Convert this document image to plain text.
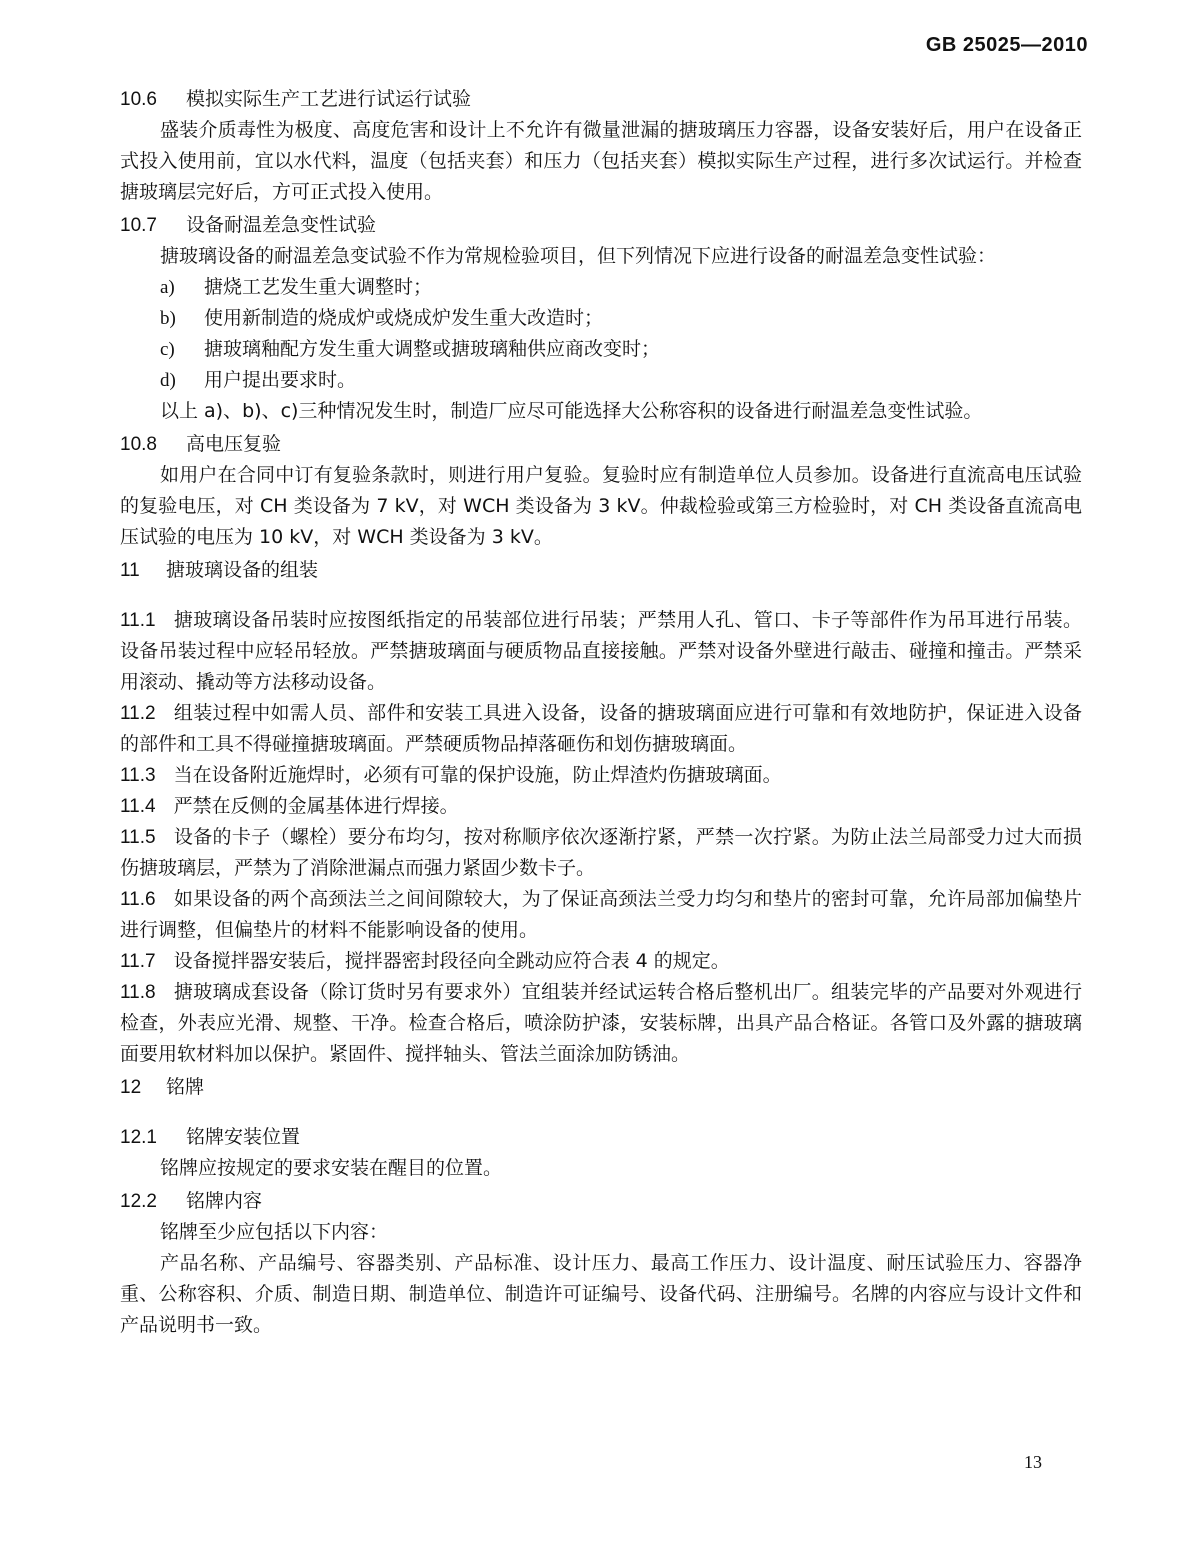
GB 25025—2010
10.6	模拟实际生产工艺进行试运行试验

盛装介质毒性为极度、高度危害和设计上不允许有微量泄漏的搪玻璃压力容器，设备安装好后，用户在设备正式投入使用前，宜以水代料，温度（包括夹套）和压力（包括夹套）模拟实际生产过程，进行多次试运行。并检查搪玻璃层完好后，方可正式投入使用。

10.7	设备耐温差急变性试验

搪玻璃设备的耐温差急变试验不作为常规检验项目，但下列情况下应进行设备的耐温差急变性试验：

a)	搪烧工艺发生重大调整时；
b)	使用新制造的烧成炉或烧成炉发生重大改造时；
c)	搪玻璃釉配方发生重大调整或搪玻璃釉供应商改变时；
d)	用户提出要求时。

以上 a)、b)、c)三种情况发生时，制造厂应尽可能选择大公称容积的设备进行耐温差急变性试验。

10.8	高电压复验

如用户在合同中订有复验条款时，则进行用户复验。复验时应有制造单位人员参加。设备进行直流高电压试验的复验电压，对 CH 类设备为 7 kV，对 WCH 类设备为 3 kV。仲裁检验或第三方检验时，对 CH 类设备直流高电压试验的电压为 10 kV，对 WCH 类设备为 3 kV。

11	搪玻璃设备的组装

11.1 搪玻璃设备吊装时应按图纸指定的吊装部位进行吊装；严禁用人孔、管口、卡子等部件作为吊耳进行吊装。设备吊装过程中应轻吊轻放。严禁搪玻璃面与硬质物品直接接触。严禁对设备外壁进行敲击、碰撞和撞击。严禁采用滚动、撬动等方法移动设备。

11.2 组装过程中如需人员、部件和安装工具进入设备，设备的搪玻璃面应进行可靠和有效地防护，保证进入设备的部件和工具不得碰撞搪玻璃面。严禁硬质物品掉落砸伤和划伤搪玻璃面。

11.3 当在设备附近施焊时，必须有可靠的保护设施，防止焊渣灼伤搪玻璃面。

11.4 严禁在反侧的金属基体进行焊接。

11.5 设备的卡子（螺栓）要分布均匀，按对称顺序依次逐渐拧紧，严禁一次拧紧。为防止法兰局部受力过大而损伤搪玻璃层，严禁为了消除泄漏点而强力紧固少数卡子。

11.6 如果设备的两个高颈法兰之间间隙较大，为了保证高颈法兰受力均匀和垫片的密封可靠，允许局部加偏垫片进行调整，但偏垫片的材料不能影响设备的使用。

11.7 设备搅拌器安装后，搅拌器密封段径向全跳动应符合表 4 的规定。

11.8 搪玻璃成套设备（除订货时另有要求外）宜组装并经试运转合格后整机出厂。组装完毕的产品要对外观进行检查，外表应光滑、规整、干净。检查合格后，喷涂防护漆，安装标牌，出具产品合格证。各管口及外露的搪玻璃面要用软材料加以保护。紧固件、搅拌轴头、管法兰面涂加防锈油。

12	铭牌
12.1	铭牌安装位置

铭牌应按规定的要求安装在醒目的位置。

12.2	铭牌内容

铭牌至少应包括以下内容：

产品名称、产品编号、容器类别、产品标准、设计压力、最高工作压力、设计温度、耐压试验压力、容器净重、公称容积、介质、制造日期、制造单位、制造许可证编号、设备代码、注册编号。名牌的内容应与设计文件和产品说明书一致。

13
